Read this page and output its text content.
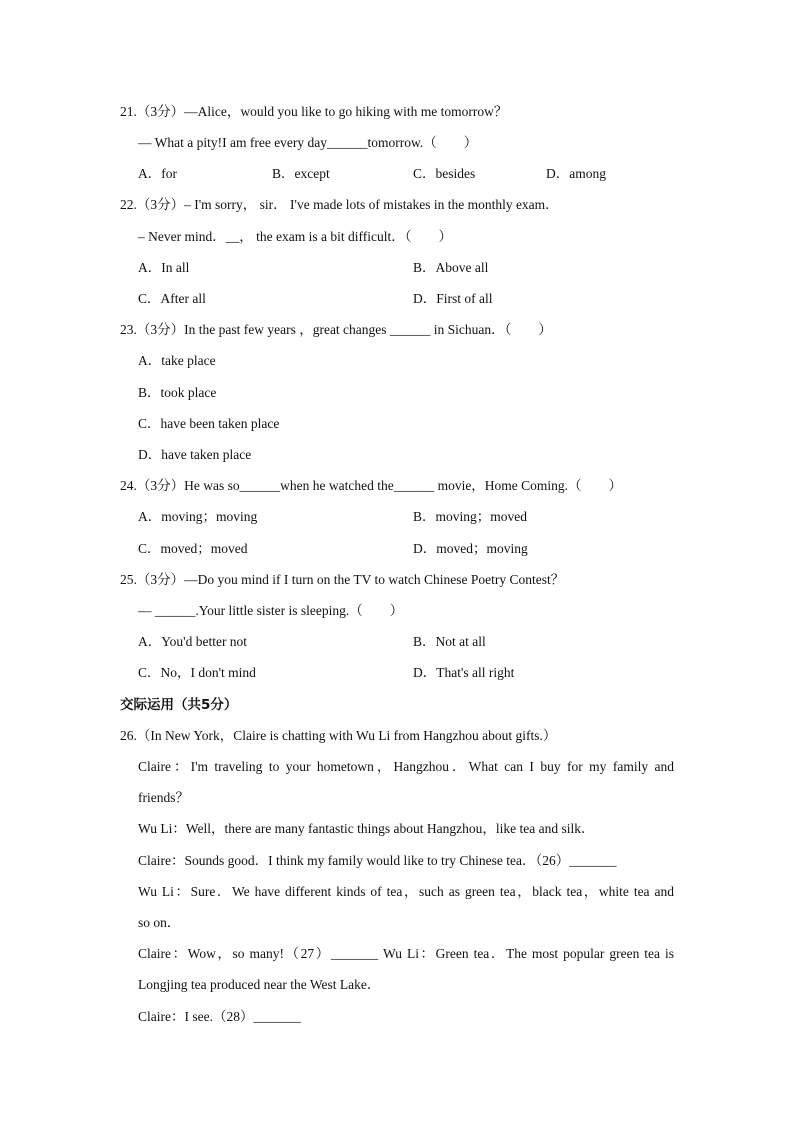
21.（3分）—Alice，would you like to go hiking with me tomorrow？
— What a pity!I am free every day______tomorrow.（　　）
A．for	B．except	C．besides	D．among
22.（3分）– I'm sorry， sir． I've made lots of mistakes in the monthly exam．
– Never mind．__， the exam is a bit difficult．（　　）
A．In all	B．Above all
C．After all	D．First of all
23.（3分）In the past few years ，great changes ______ in Sichuan．（　　）
A．take place
B．took place
C．have been taken place
D．have taken place
24.（3分）He was so______when he watched the______ movie，Home Coming.（　　）
A．moving；moving	B．moving；moved
C．moved；moved	D．moved；moving
25.（3分）—Do you mind if I turn on the TV to watch Chinese Poetry Contest？
— ______.Your little sister is sleeping.（　　）
A．You'd better not	B．Not at all
C．No，I don't mind	D．That's all right
交际运用（共5分）
26.（In New York，Claire is chatting with Wu Li from Hangzhou about gifts.）
Claire：I'm traveling to your hometown，Hangzhou．What can I buy for my family and
friends？
Wu Li：Well，there are many fantastic things about Hangzhou，like tea and silk．
Claire：Sounds good．I think my family would like to try Chinese tea．（26）_______
Wu Li：Sure．We have different kinds of tea，such as green tea，black tea，white tea and
so on．
Claire：Wow，so many!（27）_______ Wu Li：Green tea．The most popular green tea is
Longjing tea produced near the West Lake．
Claire：I see.（28）_______
